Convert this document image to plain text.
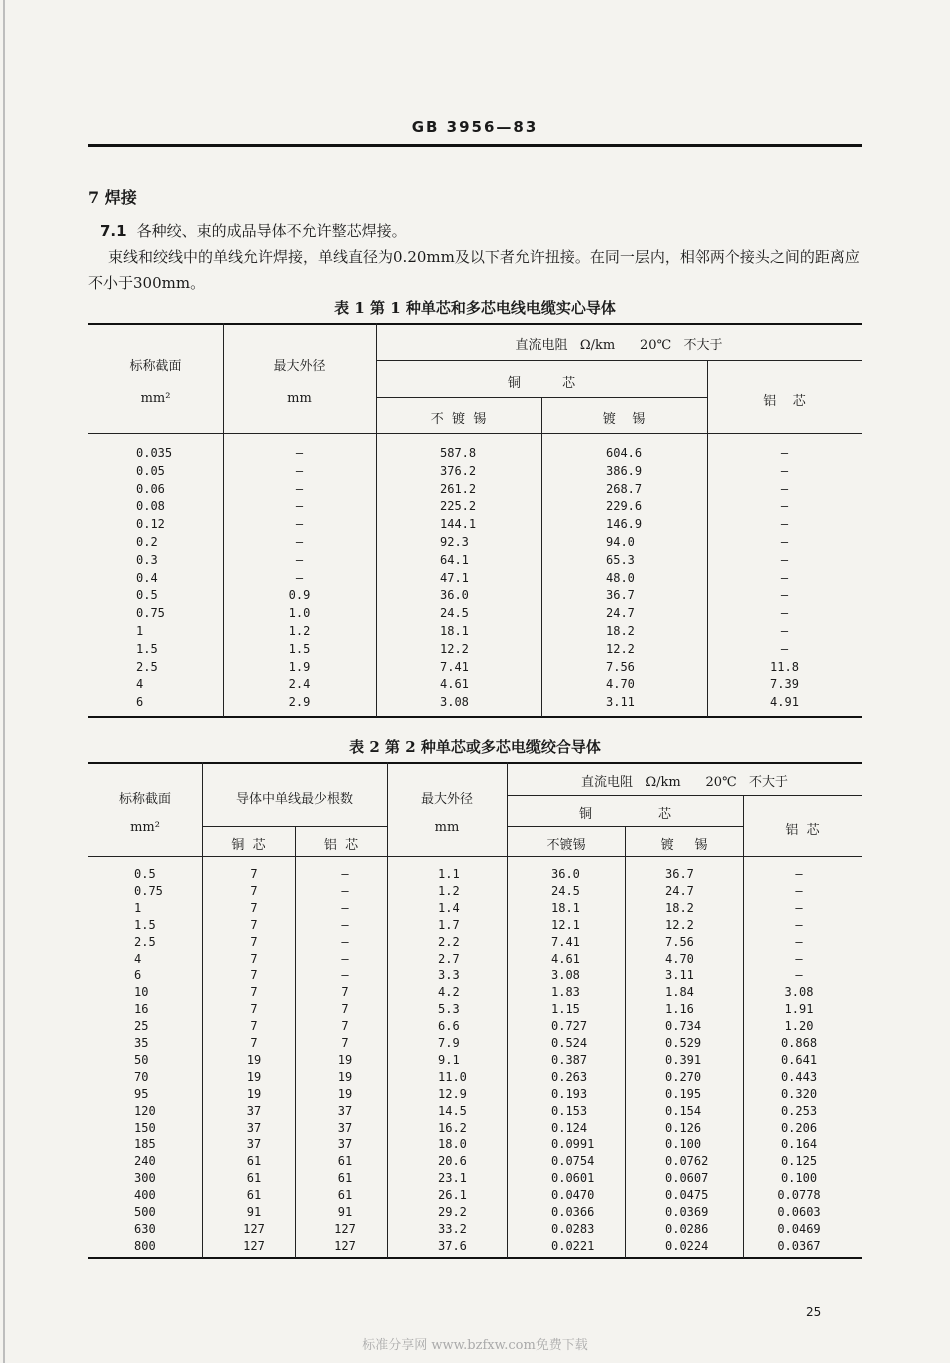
GB 3956—83
7 焊接
7.1 各种绞、束的成品导体不允许整芯焊接。
束线和绞线中的单线允许焊接，单线直径为0.20mm及以下者允许扭接。在同一层内，相邻两个接头之间的距离应不小于300mm。
表 1 第 1 种单芯和多芯电线电缆实心导体
标称截面
mm²
最大外径
mm
直流电阻   Ω/km      20℃   不大于
铜          芯
不  镀  锡	镀    锡
铝    芯
0.035	—	587.8	604.6	—
0.05	—	376.2	386.9	—
0.06	—	261.2	268.7	—
0.08	—	225.2	229.6	—
0.12	—	144.1	146.9	—
0.2	—	92.3	94.0	—
0.3	—	64.1	65.3	—
0.4	—	47.1	48.0	—
0.5	0.9	36.0	36.7	—
0.75	1.0	24.5	24.7	—
1	1.2	18.1	18.2	—
1.5	1.5	12.2	12.2	—
2.5	1.9	7.41	7.56	11.8
4	2.4	4.61	4.70	7.39
6	2.9	3.08	3.11	4.91
表 2 第 2 种单芯或多芯电缆绞合导体
标称截面
mm²
导体中单线最少根数
铜  芯	铝  芯
最大外径
mm
直流电阻   Ω/km      20℃   不大于
铜                芯
不镀锡	镀     锡
铝  芯
0.5	7	—	1.1	36.0	36.7	—
0.75	7	—	1.2	24.5	24.7	—
1	7	—	1.4	18.1	18.2	—
1.5	7	—	1.7	12.1	12.2	—
2.5	7	—	2.2	7.41	7.56	—
4	7	—	2.7	4.61	4.70	—
6	7	—	3.3	3.08	3.11	—
10	7	7	4.2	1.83	1.84	3.08
16	7	7	5.3	1.15	1.16	1.91
25	7	7	6.6	0.727	0.734	1.20
35	7	7	7.9	0.524	0.529	0.868
50	19	19	9.1	0.387	0.391	0.641
70	19	19	11.0	0.263	0.270	0.443
95	19	19	12.9	0.193	0.195	0.320
120	37	37	14.5	0.153	0.154	0.253
150	37	37	16.2	0.124	0.126	0.206
185	37	37	18.0	0.0991	0.100	0.164
240	61	61	20.6	0.0754	0.0762	0.125
300	61	61	23.1	0.0601	0.0607	0.100
400	61	61	26.1	0.0470	0.0475	0.0778
500	91	91	29.2	0.0366	0.0369	0.0603
630	127	127	33.2	0.0283	0.0286	0.0469
800	127	127	37.6	0.0221	0.0224	0.0367
25
标准分享网 www.bzfxw.com免费下载
